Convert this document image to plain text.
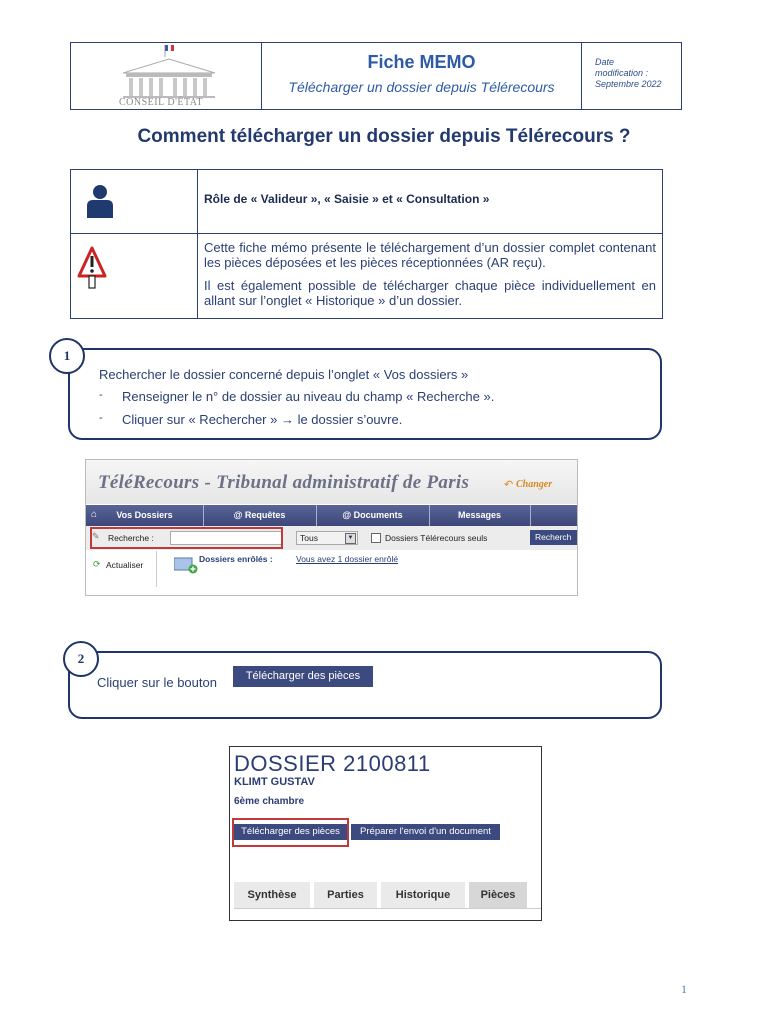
CONSEIL D'ÉTAT
Fiche MEMO
Télécharger un dossier depuis Télérecours
Date
modification :
Septembre 2022
Comment télécharger un dossier depuis Télérecours ?
Rôle de « Valideur », « Saisie » et « Consultation »
Cette fiche mémo présente le téléchargement d’un dossier complet contenant les pièces déposées et les pièces réceptionnées (AR reçu).
Il est également possible de télécharger chaque pièce individuellement en allant sur l’onglet « Historique » d’un dossier.
Rechercher le dossier concerné depuis l’onglet « Vos dossiers »
- Renseigner le n° de dossier au niveau du champ « Recherche ».
- Cliquer sur « Rechercher » → le dossier s’ouvre.
1
TéléRecours - Tribunal administratif de Paris	↶ Changer
⌂	Vos Dossiers	@ Requêtes	@ Documents	Messages
✎ Recherche :	Tous	▼	Dossiers Télérecours seuls	Recherch
⟳ Actualiser
Dossiers enrôlés :	Vous avez 1 dossier enrôlé
Cliquer sur le bouton	Télécharger des pièces
2
DOSSIER 2100811
KLIMT GUSTAV
6ème chambre
Télécharger des pièces	Préparer l'envoi d'un document
Synthèse	Parties	Historique	Pièces
1
